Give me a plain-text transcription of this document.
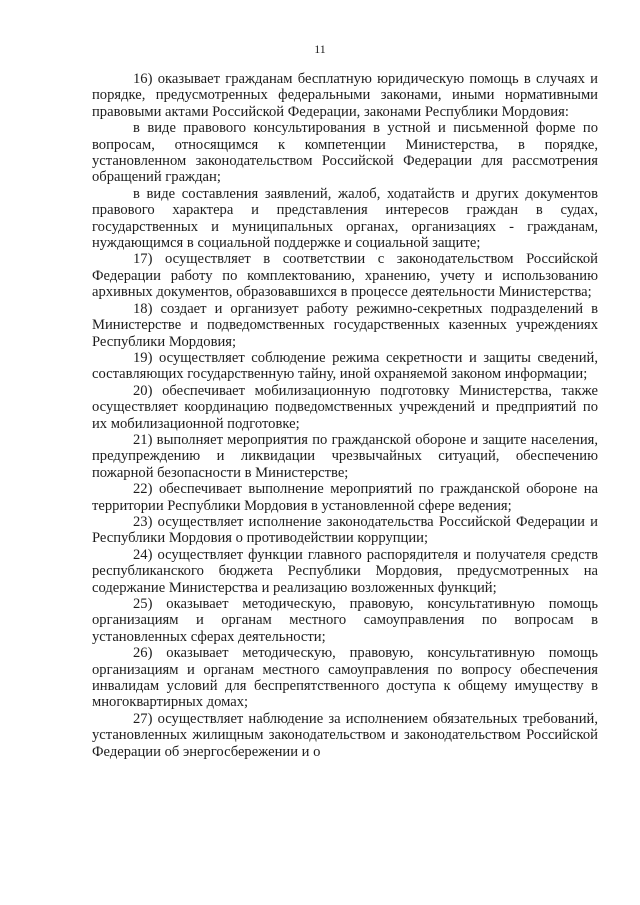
11

16) оказывает гражданам бесплатную юридическую помощь в случаях и порядке, предусмотренных федеральными законами, иными нормативными правовыми актами Российской Федерации, законами Республики Мордовия:

в виде правового консультирования в устной и письменной форме по вопросам, относящимся к компетенции Министерства, в порядке, установленном законодательством Российской Федерации для рассмотрения обращений граждан;

в виде составления заявлений, жалоб, ходатайств и других документов правового характера и представления интересов граждан в судах, государственных и муниципальных органах, организациях - гражданам, нуждающимся в социальной поддержке и социальной защите;

17) осуществляет в соответствии с законодательством Российской Федерации работу по комплектованию, хранению, учету и использованию архивных документов, образовавшихся в процессе деятельности Министерства;

18) создает и организует работу режимно-секретных подразделений в Министерстве и подведомственных государственных казенных учреждениях Республики Мордовия;

19) осуществляет соблюдение режима секретности и защиты сведений, составляющих государственную тайну, иной охраняемой законом информации;

20) обеспечивает мобилизационную подготовку Министерства, также осуществляет координацию подведомственных учреждений и предприятий по их мобилизационной подготовке;

21) выполняет мероприятия по гражданской обороне и защите населения, предупреждению и ликвидации чрезвычайных ситуаций, обеспечению пожарной безопасности в Министерстве;

22) обеспечивает выполнение мероприятий по гражданской обороне на территории Республики Мордовия в установленной сфере ведения;

23) осуществляет исполнение законодательства Российской Федерации и Республики Мордовия о противодействии коррупции;

24) осуществляет функции главного распорядителя и получателя средств республиканского бюджета Республики Мордовия, предусмотренных на содержание Министерства и реализацию возложенных функций;

25) оказывает методическую, правовую, консультативную помощь организациям и органам местного самоуправления по вопросам в установленных сферах деятельности;

26) оказывает методическую, правовую, консультативную помощь организациям и органам местного самоуправления по вопросу обеспечения инвалидам условий для беспрепятственного доступа к общему имуществу в многоквартирных домах;

27) осуществляет наблюдение за исполнением обязательных требований, установленных жилищным законодательством и законодательством Российской Федерации об энергосбережении и о
